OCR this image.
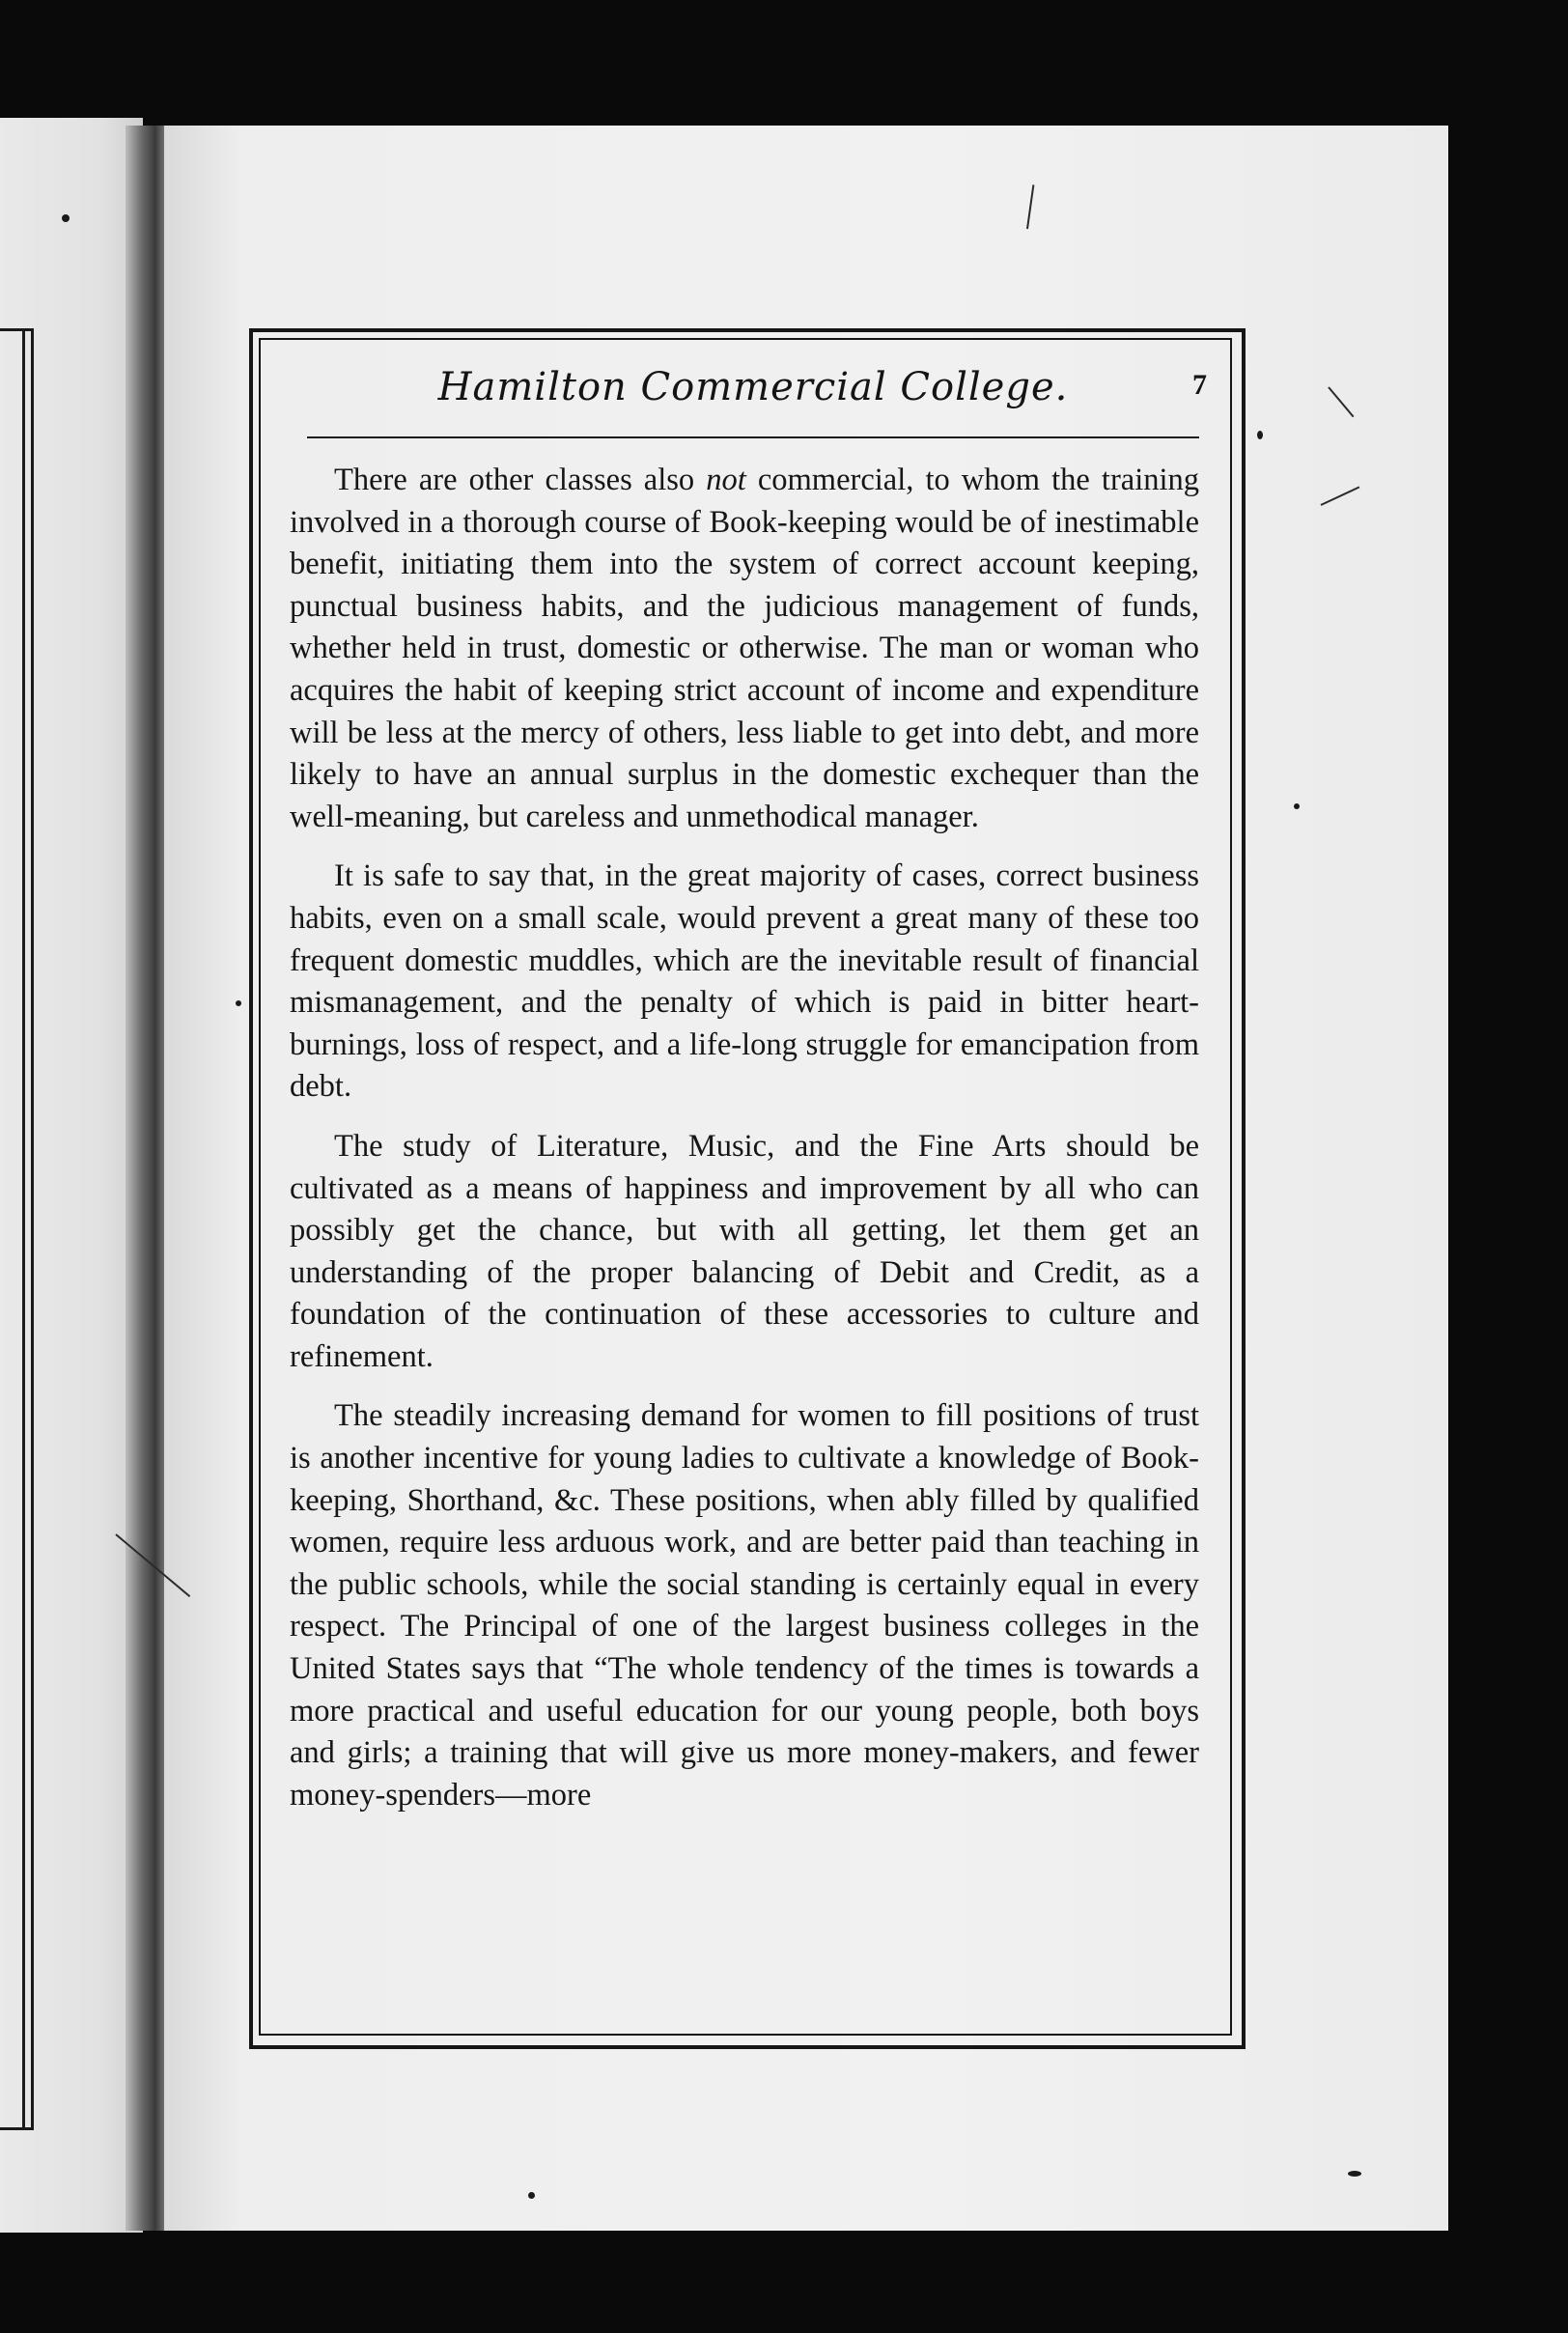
Hamilton Commercial College.	7

There are other classes also not commercial, to whom the training involved in a thorough course of Book-keeping would be of inestimable benefit, initiating them into the system of correct account keeping, punctual business habits, and the judicious management of funds, whether held in trust, domestic or otherwise. The man or woman who acquires the habit of keeping strict account of income and expenditure will be less at the mercy of others, less liable to get into debt, and more likely to have an annual surplus in the domestic exchequer than the well-meaning, but careless and unmethodical manager.

It is safe to say that, in the great majority of cases, correct business habits, even on a small scale, would prevent a great many of these too frequent domestic muddles, which are the inevitable result of financial mismanagement, and the penalty of which is paid in bitter heart-burnings, loss of respect, and a life-long struggle for emancipation from debt.

The study of Literature, Music, and the Fine Arts should be cultivated as a means of happiness and improvement by all who can possibly get the chance, but with all getting, let them get an understanding of the proper balancing of Debit and Credit, as a foundation of the continuation of these accessories to culture and refinement.

The steadily increasing demand for women to fill positions of trust is another incentive for young ladies to cultivate a knowledge of Book-keeping, Shorthand, &c. These positions, when ably filled by qualified women, require less arduous work, and are better paid than teaching in the public schools, while the social standing is certainly equal in every respect. The Principal of one of the largest business colleges in the United States says that “The whole tendency of the times is towards a more practical and useful education for our young people, both boys and girls; a training that will give us more money-makers, and fewer money-spenders—more
